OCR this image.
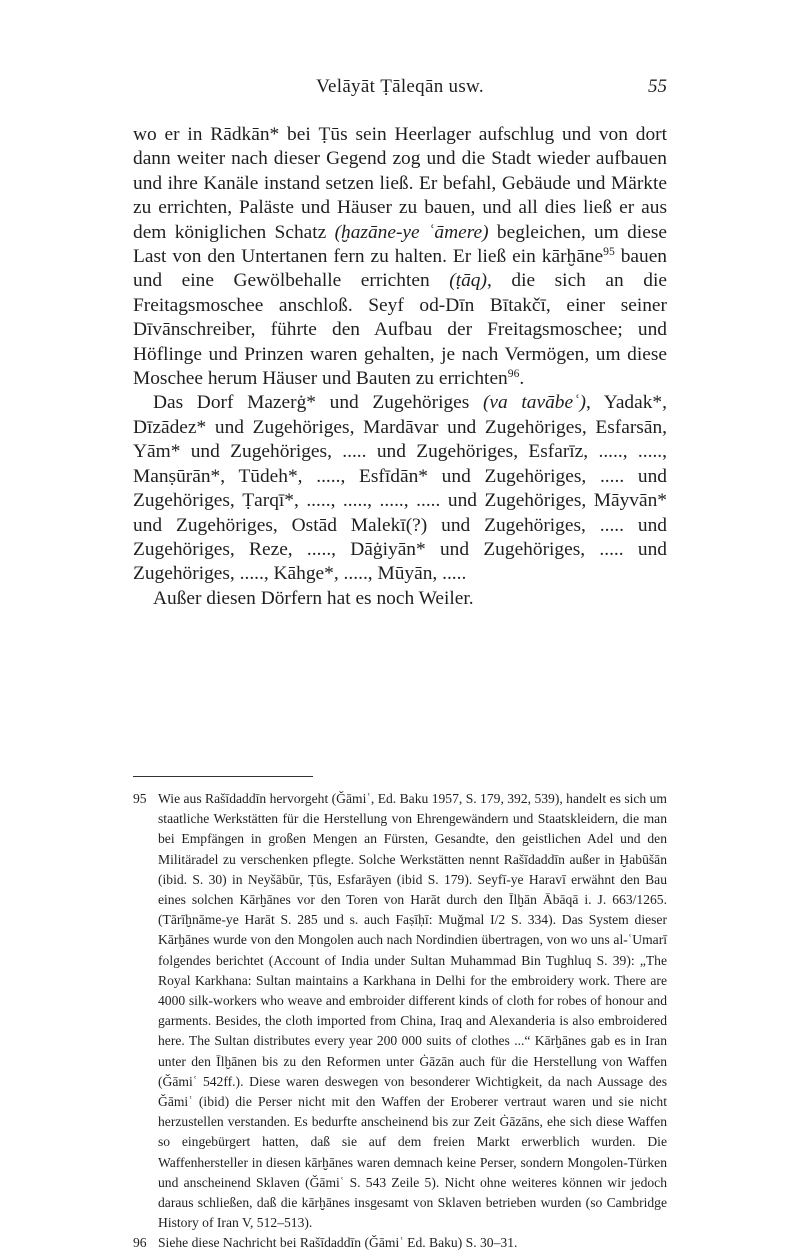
Velāyāt Ṭāleqān usw.	55

wo er in Rādkān* bei Ṭūs sein Heerlager aufschlug und von dort dann weiter nach dieser Gegend zog und die Stadt wieder aufbauen und ihre Kanäle instand setzen ließ. Er befahl, Gebäude und Märkte zu errichten, Paläste und Häuser zu bauen, und all dies ließ er aus dem königlichen Schatz (ḫazāne-ye ʿāmere) begleichen, um diese Last von den Untertanen fern zu halten. Er ließ ein kārḫāne$^{95}$ bauen und eine Gewölbehalle errichten (ṭāq), die sich an die Freitagsmoschee anschloß. Seyf od-Dīn Bītakčī, einer seiner Dīvānschreiber, führte den Aufbau der Freitagsmoschee; und Höflinge und Prinzen waren gehalten, je nach Vermögen, um diese Moschee herum Häuser und Bauten zu errichten$^{96}$.

Das Dorf Mazerġ* und Zugehöriges (va tavābeʿ), Yadak*, Dīzādez* und Zugehöriges, Mardāvar und Zugehöriges, Esfarsān, Yām* und Zugehöriges, ..... und Zugehöriges, Esfarīz, ....., ....., Manṣūrān*, Tūdeh*, ....., Esfīdān* und Zugehöriges, ..... und Zugehöriges, Ṭarqī*, ....., ....., ....., ..... und Zugehöriges, Māyvān* und Zugehöriges, Ostād Malekī(?) und Zugehöriges, ..... und Zugehöriges, Reze, ....., Dāġiyān* und Zugehöriges, ..... und Zugehöriges, ....., Kāhge*, ....., Mūyān, .....

Außer diesen Dörfern hat es noch Weiler.

95 Wie aus Rašīdaddīn hervorgeht (Ǧāmiʿ, Ed. Baku 1957, S. 179, 392, 539), handelt es sich um staatliche Werkstätten für die Herstellung von Ehrengewändern und Staatskleidern, die man bei Empfängen in großen Mengen an Fürsten, Gesandte, den geistlichen Adel und den Militäradel zu verschenken pflegte. Solche Werkstätten nennt Rašīdaddīn außer in Ḫabūšān (ibid. S. 30) in Neyšābūr, Ṭūs, Esfarāyen (ibid S. 179). Seyfī-ye Haravī erwähnt den Bau eines solchen Kārḫānes vor den Toren von Harāt durch den Īlḫān Ābāqā i. J. 663/1265. (Tārīḫnāme-ye Harāt S. 285 und s. auch Faṣīḥī: Muǧmal I/2 S. 334). Das System dieser Kārḫānes wurde von den Mongolen auch nach Nordindien übertragen, von wo uns al-ʿUmarī folgendes berichtet (Account of India under Sultan Muhammad Bin Tughluq S. 39): „The Royal Karkhana: Sultan maintains a Karkhana in Delhi for the embroidery work. There are 4000 silk-workers who weave and embroider different kinds of cloth for robes of honour and garments. Besides, the cloth imported from China, Iraq and Alexanderia is also embroidered here. The Sultan distributes every year 200 000 suits of clothes ...“ Kārḫānes gab es in Iran unter den Īlḫānen bis zu den Reformen unter Ġāzān auch für die Herstellung von Waffen (Ǧāmiʿ 542ff.). Diese waren deswegen von besonderer Wichtigkeit, da nach Aussage des Ǧāmiʿ (ibid) die Perser nicht mit den Waffen der Eroberer vertraut waren und sie nicht herzustellen verstanden. Es bedurfte anscheinend bis zur Zeit Ġāzāns, ehe sich diese Waffen so eingebürgert hatten, daß sie auf dem freien Markt erwerblich wurden. Die Waffenhersteller in diesen kārḫānes waren demnach keine Perser, sondern Mongolen-Türken und anscheinend Sklaven (Ǧāmiʿ S. 543 Zeile 5). Nicht ohne weiteres können wir jedoch daraus schließen, daß die kārḫānes insgesamt von Sklaven betrieben wurden (so Cambridge History of Iran V, 512–513).

96 Siehe diese Nachricht bei Rašīdaddīn (Ǧāmiʿ Ed. Baku) S. 30–31.
